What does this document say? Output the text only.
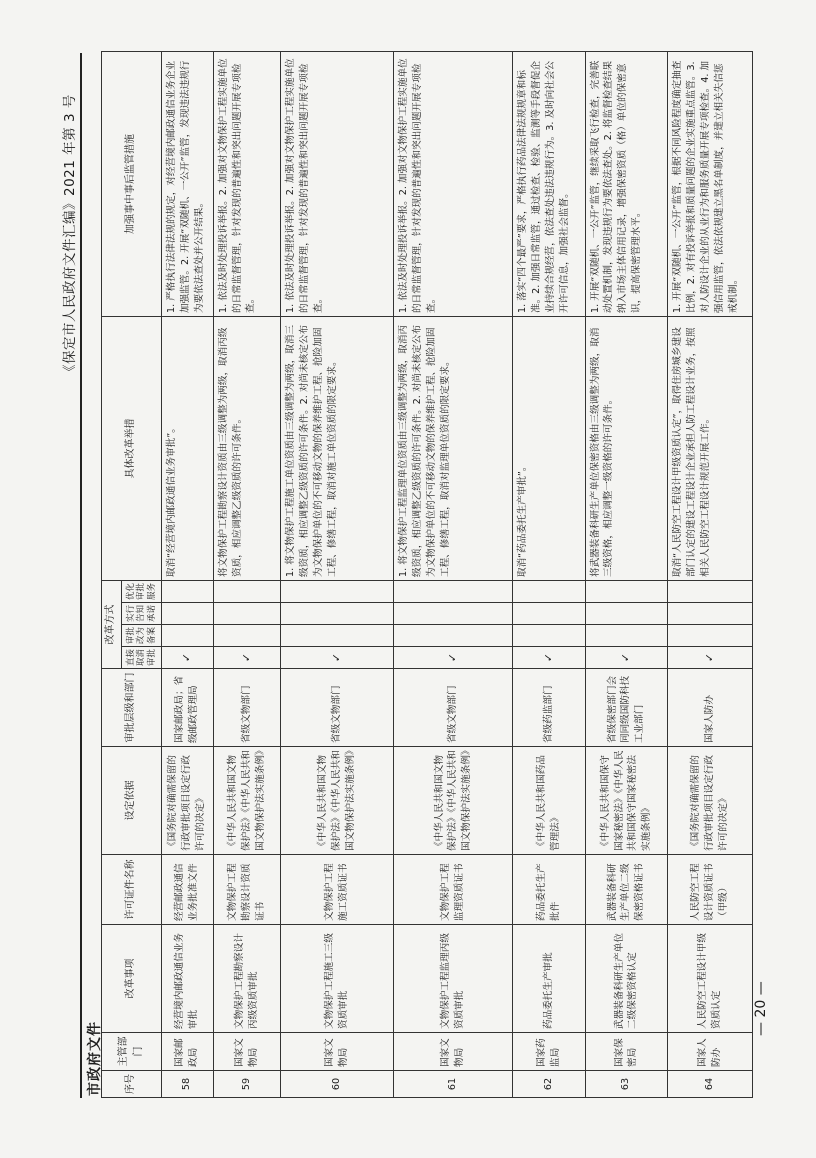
《保定市人民政府文件汇编》2021 年第 3 号
市政府文件 序号	主管部门	改革事项	许可证件名称	设定依据	审批层级和部门	改革方式				具体改革举措	加强事中事后监管措施
						直接取消审批	审批改为备案	实行告知承诺	优化审批服务		
58	国家邮政局	经营境内邮政通信业务审批	经营邮政通信业务批准文件	《国务院对确需保留的行政审批项目设定行政许可的决定》	国家邮政局；省级邮政管理局	✓				取消“经营境内邮政通信业务审批”。	1. 严格执行法律法规的规定，对经营境内邮政通信业务企业加强监管。2. 开展“双随机、一公开”监管，发现违法违规行为要依法查处并公开结果。
59	国家文物局	文物保护工程勘察设计丙级资质审批	文物保护工程勘察设计资质证书	《中华人民共和国文物保护法》《中华人民共和国文物保护法实施条例》	省级文物部门	✓				将文物保护工程勘察设计资质由三级调整为两级，取消丙级资质，相应调整乙级资质的许可条件。	1. 依法及时处理投诉举报。2. 加强对文物保护工程实施单位的日常监督管理，针对发现的普遍性和突出问题开展专项检查。
60	国家文物局	文物保护工程施工三级资质审批	文物保护工程施工资质证书	《中华人民共和国文物保护法》《中华人民共和国文物保护法实施条例》	省级文物部门	✓				1. 将文物保护工程施工单位资质由三级调整为两级，取消三级资质，相应调整乙级资质的许可条件。2. 对尚未核定公布为文物保护单位的不可移动文物的保养维护工程、抢险加固工程、修缮工程，取消对施工单位资质的限定要求。	1. 依法及时处理投诉举报。2. 加强对文物保护工程实施单位的日常监督管理，针对发现的普遍性和突出问题开展专项检查。
61	国家文物局	文物保护工程监理丙级资质审批	文物保护工程监理资质证书	《中华人民共和国文物保护法》《中华人民共和国文物保护法实施条例》	省级文物部门	✓				1. 将文物保护工程监理单位资质由三级调整为两级，取消丙级资质，相应调整乙级资质的许可条件。2. 对尚未核定公布为文物保护单位的不可移动文物的保养维护工程、抢险加固工程、修缮工程，取消对监理单位资质的限定要求。	1. 依法及时处理投诉举报。2. 加强对文物保护工程实施单位的日常监督管理，针对发现的普遍性和突出问题开展专项检查。
62	国家药监局	药品委托生产审批	药品委托生产批件	《中华人民共和国药品管理法》	省级药监部门	✓				取消“药品委托生产审批”。	1. 落实“四个最严”要求，严格执行药品法律法规规章和标准。2. 加强日常监管，通过检查、检验、监测等手段督促企业持续合规经营，依法查处违法违规行为。3. 及时向社会公开许可信息，加强社会监督。
63	国家保密局	武器装备科研生产单位二级保密资格认定	武器装备科研生产单位二级保密资格证书	《中华人民共和国保守国家秘密法》《中华人民共和国保守国家秘密法实施条例》	省级保密部门会同同级国防科技工业部门	✓				将武器装备科研生产单位保密资格由三级调整为两级，取消三级资格，相应调整一级资格的许可条件。	1. 开展“双随机、一公开”监管，继续采取飞行检查，完善联动处置机制，发现违规行为要依法查处。2. 将监督检查结果纳入市场主体信用记录，增强保密资质（格）单位的保密意识，提高保密管理水平。
64	国家人防办	人民防空工程设计甲级资质认定	人民防空工程设计资质证书（甲级）	《国务院对确需保留的行政审批项目设定行政许可的决定》	国家人防办	✓				取消“人民防空工程设计甲级资质认定”，取得住房城乡建设部门认定的建设工程设计企业承担人防工程设计业务，按照相关人民防空工程设计规范开展工作。	1. 开展“双随机、一公开”监管，根据不同风险程度确定抽查比例，2. 对有投诉举报和质量问题的企业实施重点监管。3. 对人防设计企业的从业行为和服务质量开展专项检查。4. 加强信用监管，依法依规建立黑名单制度，并建立相关失信惩戒机制。
— 20 —
